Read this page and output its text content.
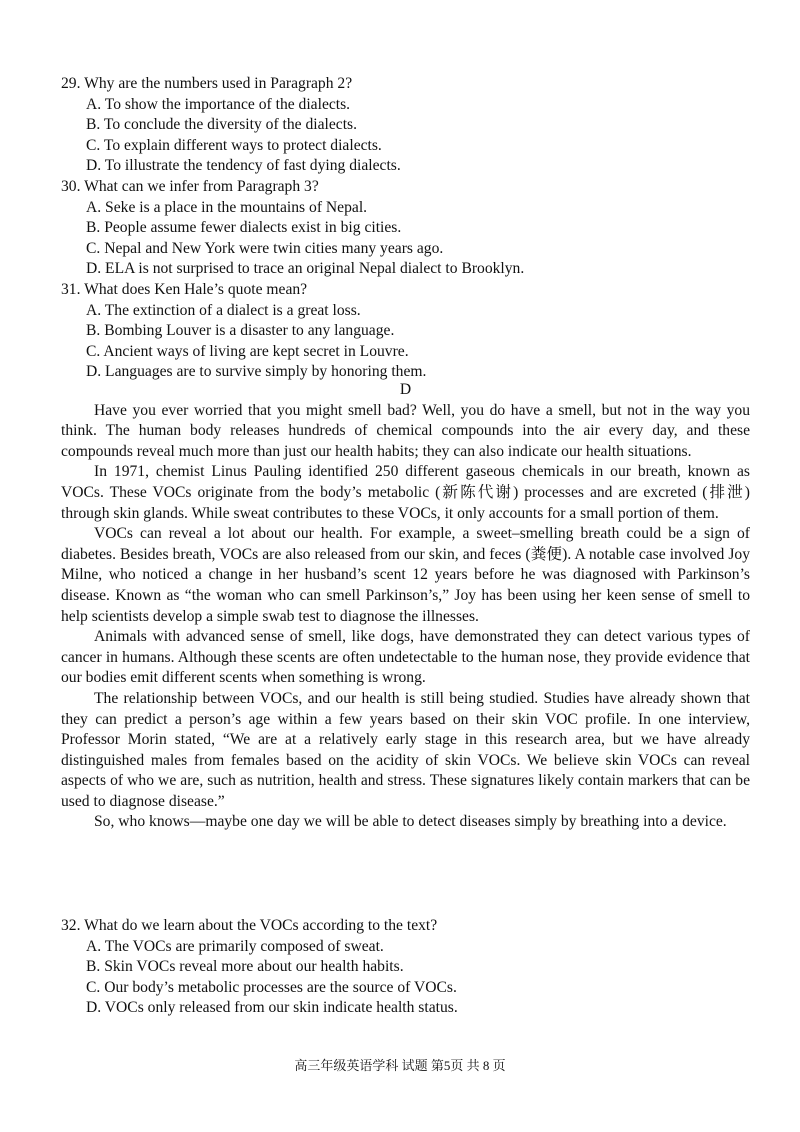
29. Why are the numbers used in Paragraph 2?

A. To show the importance of the dialects.

B. To conclude the diversity of the dialects.

C. To explain different ways to protect dialects.

D. To illustrate the tendency of fast dying dialects.

30. What can we infer from Paragraph 3?

A. Seke is a place in the mountains of Nepal.

B. People assume fewer dialects exist in big cities.

C. Nepal and New York were twin cities many years ago.

D. ELA is not surprised to trace an original Nepal dialect to Brooklyn.

31. What does Ken Hale’s quote mean?

A. The extinction of a dialect is a great loss.

B. Bombing Louver is a disaster to any language.

C. Ancient ways of living are kept secret in Louvre.

D. Languages are to survive simply by honoring them.

D

Have you ever worried that you might smell bad? Well, you do have a smell, but not in the way you think. The human body releases hundreds of chemical compounds into the air every day, and these compounds reveal much more than just our health habits; they can also indicate our health situations.

In 1971, chemist Linus Pauling identified 250 different gaseous chemicals in our breath, known as VOCs. These VOCs originate from the body’s metabolic (新陈代谢) processes and are excreted (排泄) through skin glands. While sweat contributes to these VOCs, it only accounts for a small portion of them.

VOCs can reveal a lot about our health. For example, a sweet–smelling breath could be a sign of diabetes. Besides breath, VOCs are also released from our skin, and feces (粪便). A notable case involved Joy Milne, who noticed a change in her husband’s scent 12 years before he was diagnosed with Parkinson’s disease. Known as “the woman who can smell Parkinson’s,” Joy has been using her keen sense of smell to help scientists develop a simple swab test to diagnose the illnesses.

Animals with advanced sense of smell, like dogs, have demonstrated they can detect various types of cancer in humans. Although these scents are often undetectable to the human nose, they provide evidence that our bodies emit different scents when something is wrong.

The relationship between VOCs, and our health is still being studied. Studies have already shown that they can predict a person’s age within a few years based on their skin VOC profile. In one interview, Professor Morin stated, “We are at a relatively early stage in this research area, but we have already distinguished males from females based on the acidity of skin VOCs. We believe skin VOCs can reveal aspects of who we are, such as nutrition, health and stress. These signatures likely contain markers that can be used to diagnose disease.”

So, who knows—maybe one day we will be able to detect diseases simply by breathing into a device.

32. What do we learn about the VOCs according to the text?

A. The VOCs are primarily composed of sweat.

B. Skin VOCs reveal more about our health habits.

C. Our body’s metabolic processes are the source of VOCs.

D. VOCs only released from our skin indicate health status.

高三年级英语学科 试题 第5页 共 8 页
